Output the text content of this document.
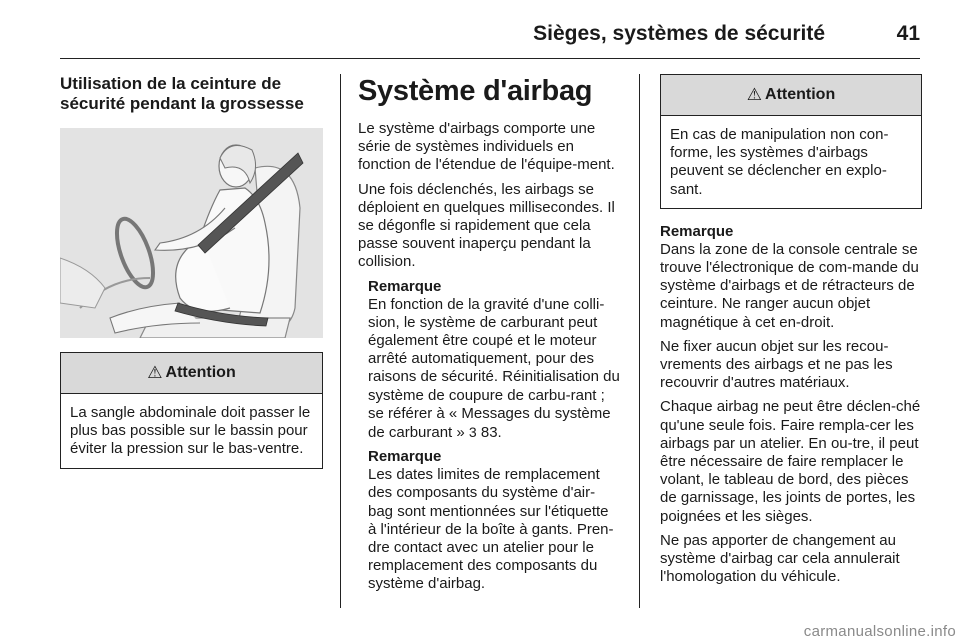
Sièges, systèmes de sécurité	41
Utilisation de la ceinture de sécurité pendant la grossesse
⚠ Attention

La sangle abdominale doit passer le plus bas possible sur le bassin pour éviter la pression sur le bas-ventre.

Système d'airbag

Le système d'airbags comporte une série de systèmes individuels en fonction de l'étendue de l'équipe-ment.

Une fois déclenchés, les airbags se déploient en quelques millisecondes. Il se dégonfle si rapidement que cela passe souvent inaperçu pendant la collision.

Remarque

En fonction de la gravité d'une colli-sion, le système de carburant peut également être coupé et le moteur arrêté automatiquement, pour des raisons de sécurité. Réinitialisation du système de coupure de carbu-rant ; se référer à « Messages du système de carburant » 3 83.

Remarque

Les dates limites de remplacement des composants du système d'air-bag sont mentionnées sur l'étiquette à l'intérieur de la boîte à gants. Pren-dre contact avec un atelier pour le remplacement des composants du système d'airbag.

⚠ Attention

En cas de manipulation non con-forme, les systèmes d'airbags peuvent se déclencher en explo-sant.

Remarque

Dans la zone de la console centrale se trouve l'électronique de com-mande du système d'airbags et de rétracteurs de ceinture. Ne ranger aucun objet magnétique à cet en-droit.

Ne fixer aucun objet sur les recou-vrements des airbags et ne pas les recouvrir d'autres matériaux.

Chaque airbag ne peut être déclen-ché qu'une seule fois. Faire rempla-cer les airbags par un atelier. En ou-tre, il peut être nécessaire de faire remplacer le volant, le tableau de bord, des pièces de garnissage, les joints de portes, les poignées et les sièges.

Ne pas apporter de changement au système d'airbag car cela annulerait l'homologation du véhicule.

carmanualsonline.info
